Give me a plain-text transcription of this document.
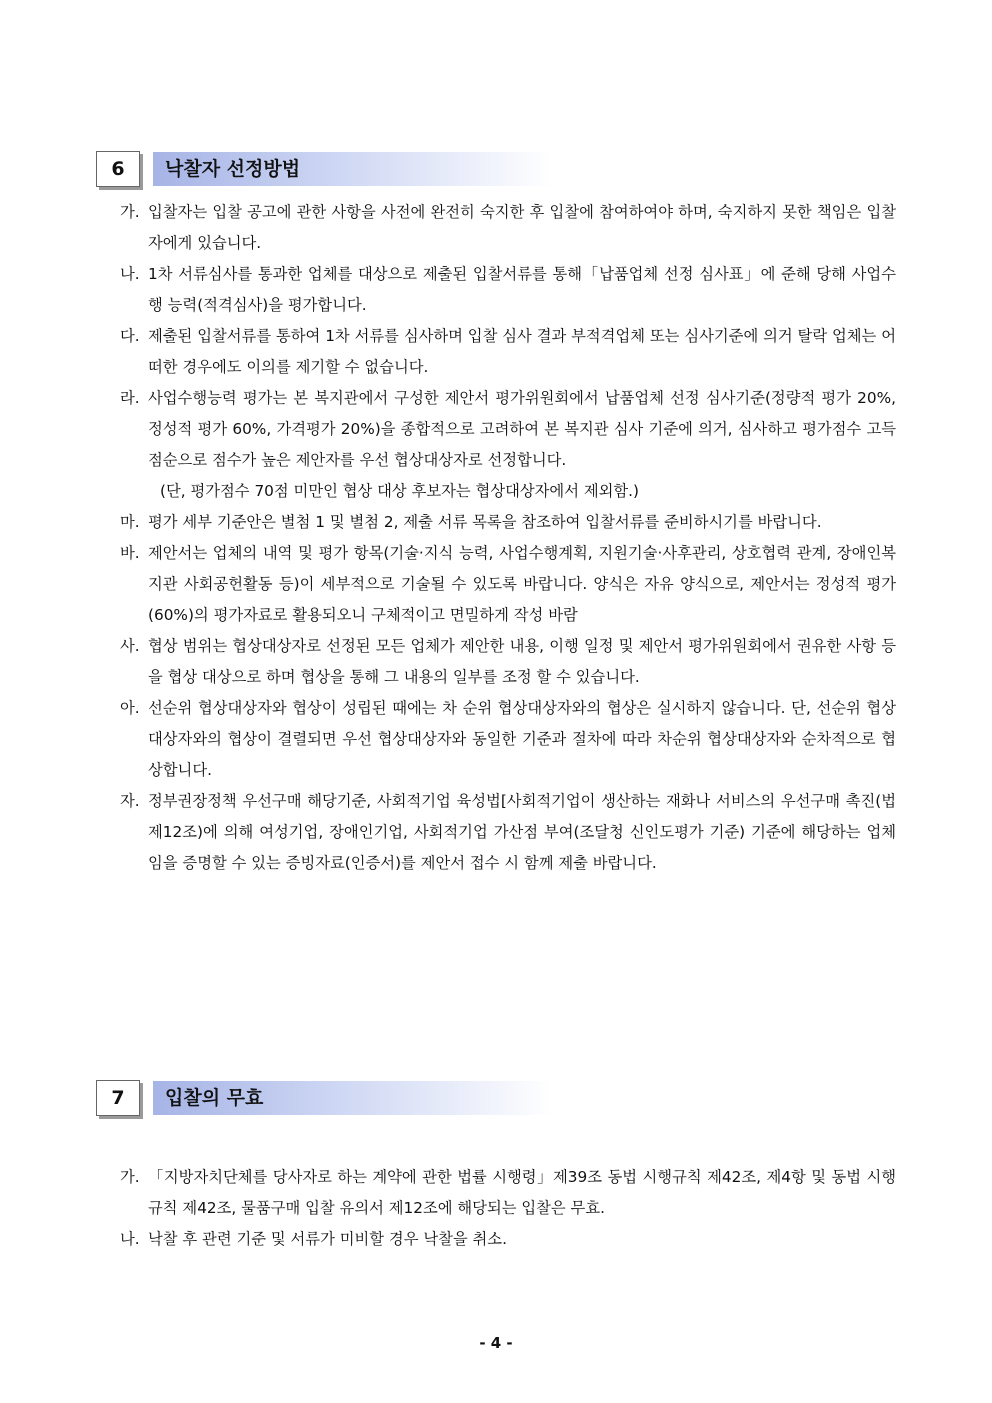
6	낙찰자 선정방법
가. 입찰자는 입찰 공고에 관한 사항을 사전에 완전히 숙지한 후 입찰에 참여하여야 하며, 숙지하지 못한 책임은 입찰자에게 있습니다.
나. 1차 서류심사를 통과한 업체를 대상으로 제출된 입찰서류를 통해「납품업체 선정 심사표」에 준해 당해 사업수행 능력(적격심사)을 평가합니다.
다. 제출된 입찰서류를 통하여 1차 서류를 심사하며 입찰 심사 결과 부적격업체 또는 심사기준에 의거 탈락 업체는 어떠한 경우에도 이의를 제기할 수 없습니다.
라. 사업수행능력 평가는 본 복지관에서 구성한 제안서 평가위원회에서 납품업체 선정 심사기준(정량적 평가 20%, 정성적 평가 60%, 가격평가 20%)을 종합적으로 고려하여 본 복지관 심사 기준에 의거, 심사하고 평가점수 고득점순으로 점수가 높은 제안자를 우선 협상대상자로 선정합니다.
(단, 평가점수 70점 미만인 협상 대상 후보자는 협상대상자에서 제외함.)
마. 평가 세부 기준안은 별첨 1 및 별첨 2, 제출 서류 목록을 참조하여 입찰서류를 준비하시기를 바랍니다.
바. 제안서는 업체의 내역 및 평가 항목(기술·지식 능력, 사업수행계획, 지원기술·사후관리, 상호협력 관계, 장애인복지관 사회공헌활동 등)이 세부적으로 기술될 수 있도록 바랍니다. 양식은 자유 양식으로, 제안서는 정성적 평가(60%)의 평가자료로 활용되오니 구체적이고 면밀하게 작성 바람
사. 협상 범위는 협상대상자로 선정된 모든 업체가 제안한 내용, 이행 일정 및 제안서 평가위원회에서 권유한 사항 등을 협상 대상으로 하며 협상을 통해 그 내용의 일부를 조정 할 수 있습니다.
아. 선순위 협상대상자와 협상이 성립된 때에는 차 순위 협상대상자와의 협상은 실시하지 않습니다. 단, 선순위 협상대상자와의 협상이 결렬되면 우선 협상대상자와 동일한 기준과 절차에 따라 차순위 협상대상자와 순차적으로 협상합니다.
자. 정부권장정책 우선구매 해당기준, 사회적기업 육성법[사회적기업이 생산하는 재화나 서비스의 우선구매 촉진(법 제12조)에 의해 여성기업, 장애인기업, 사회적기업 가산점 부여(조달청 신인도평가 기준) 기준에 해당하는 업체임을 증명할 수 있는 증빙자료(인증서)를 제안서 접수 시 함께 제출 바랍니다.
7	입찰의 무효
가. 「지방자치단체를 당사자로 하는 계약에 관한 법률 시행령」제39조 동법 시행규칙 제42조, 제4항 및 동법 시행규칙 제42조, 물품구매 입찰 유의서 제12조에 해당되는 입찰은 무효.
나. 낙찰 후 관련 기준 및 서류가 미비할 경우 낙찰을 취소.
- 4 -
